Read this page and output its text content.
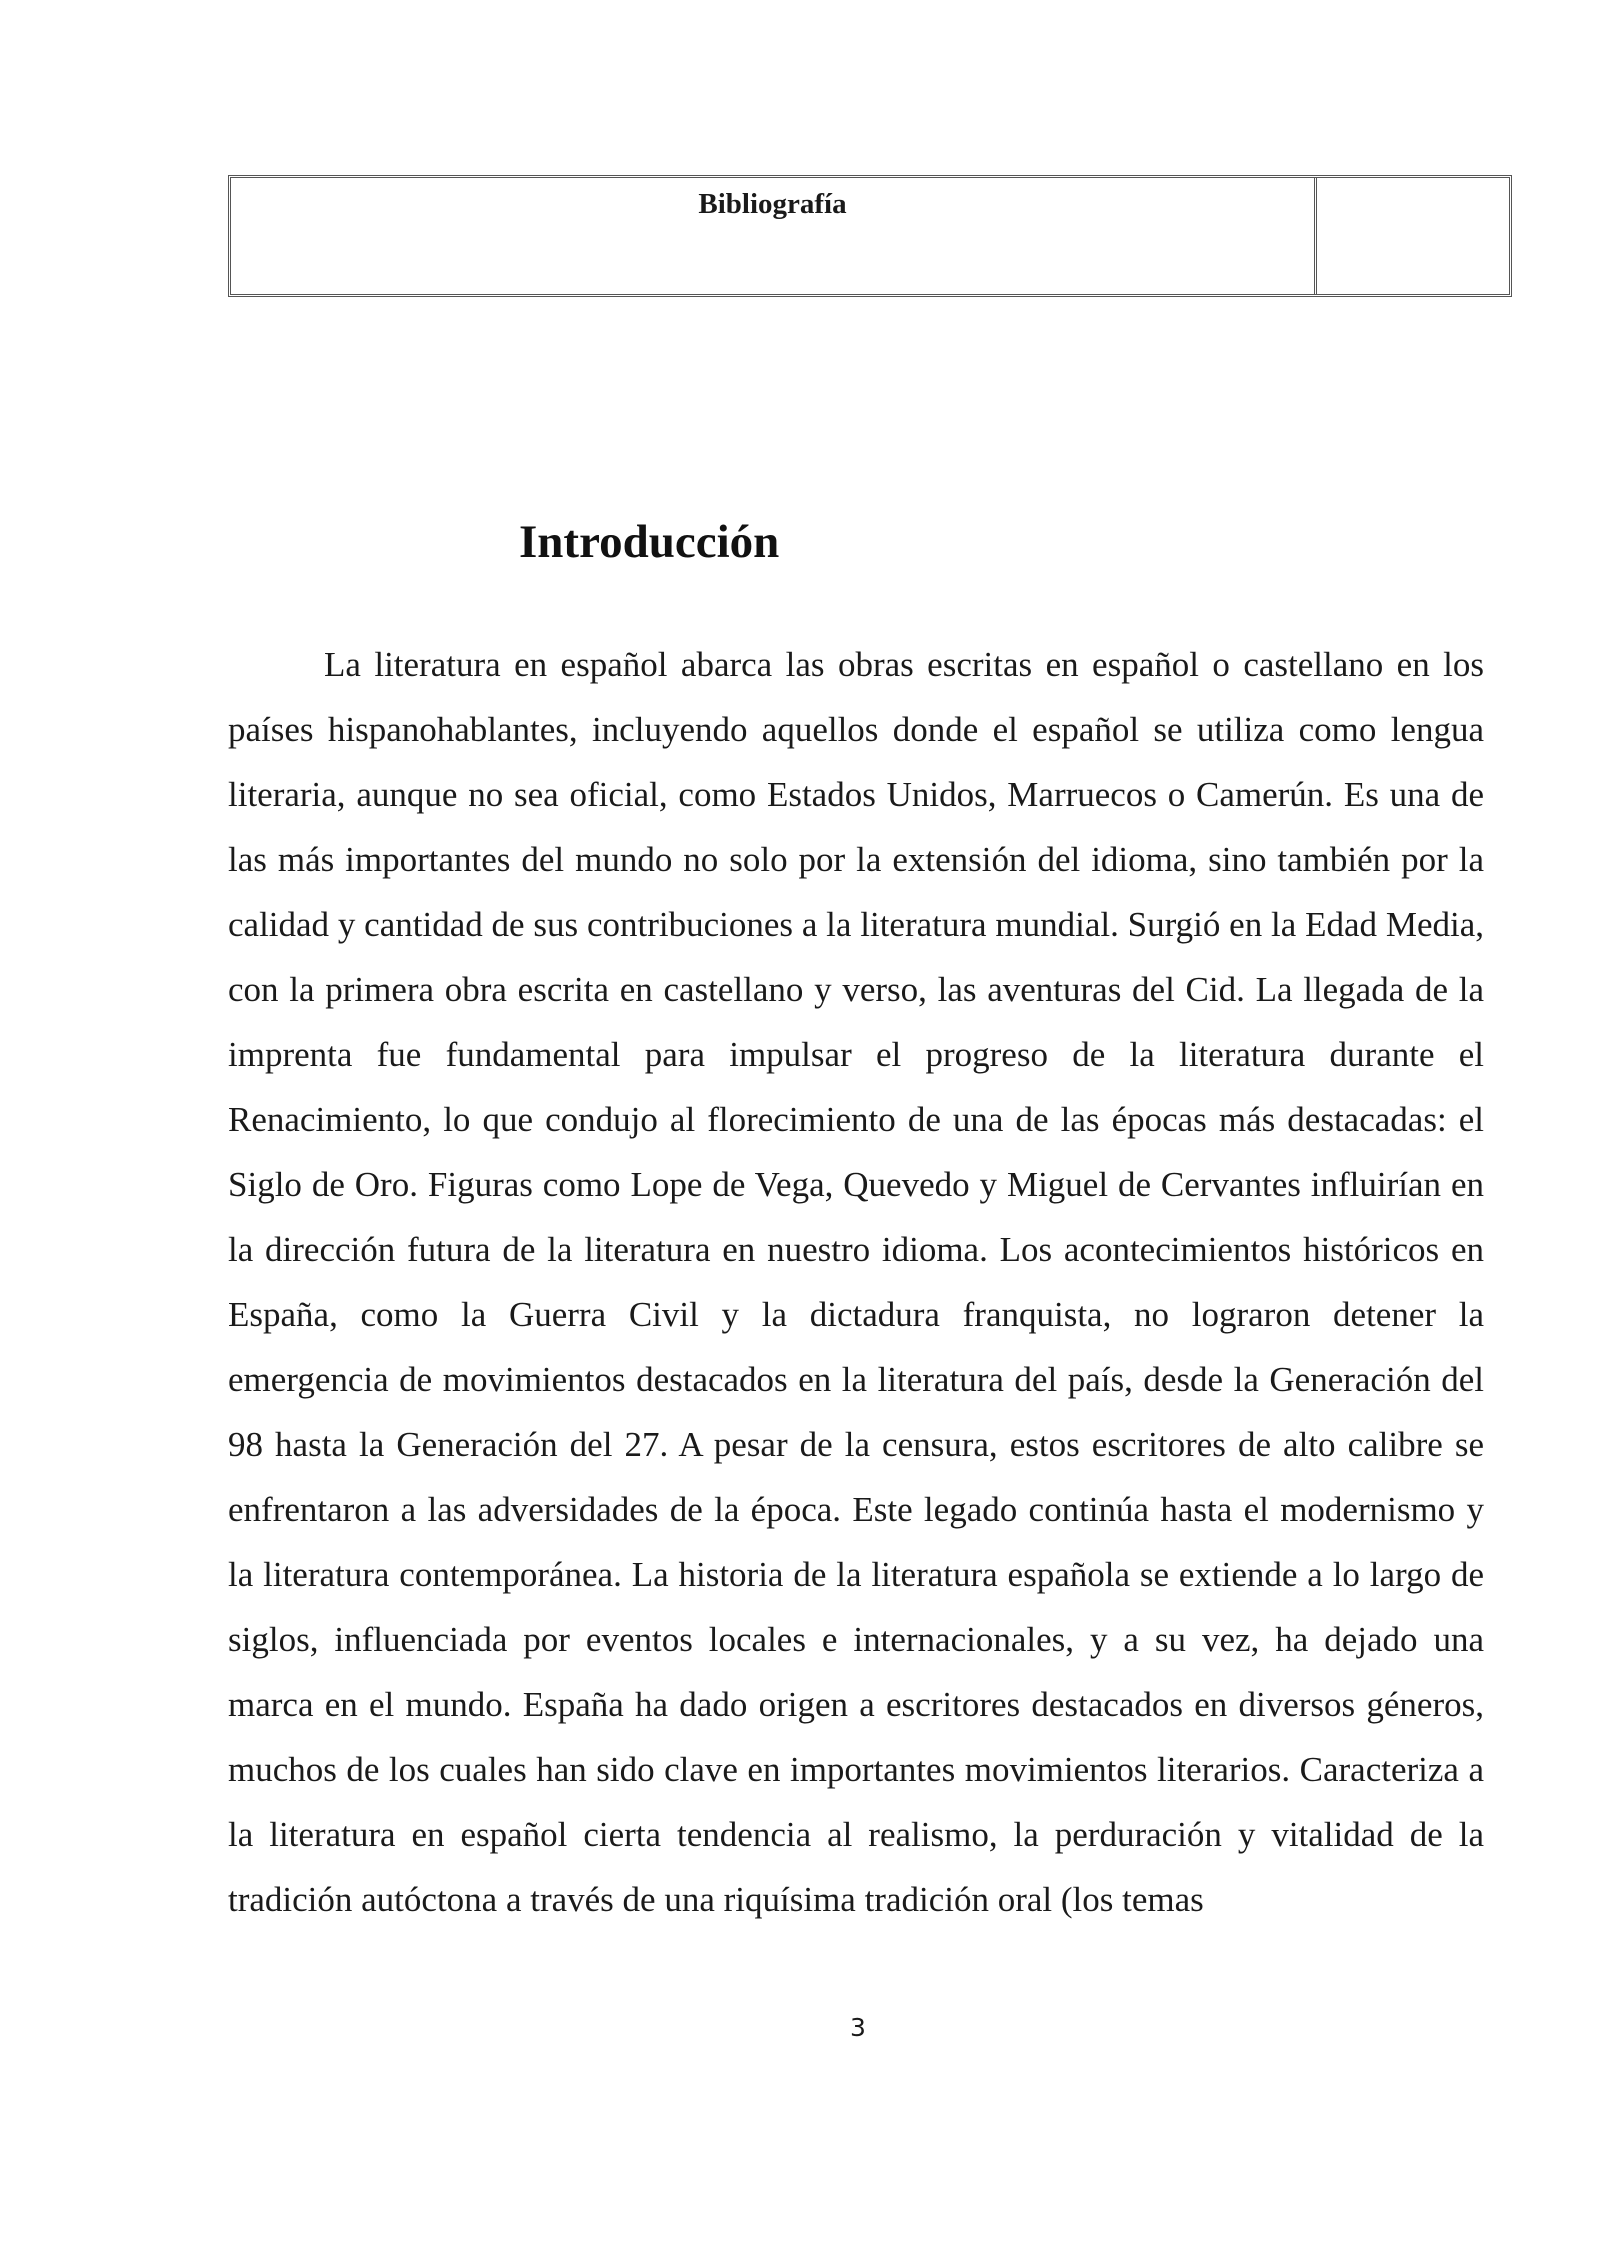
Bibliografía
Introducción

La literatura en español abarca las obras escritas en español o castellano en los países hispanohablantes, incluyendo aquellos donde el español se utiliza como lengua literaria, aunque no sea oficial, como Estados Unidos, Marruecos o Camerún. Es una de las más importantes del mundo no solo por la extensión del idioma, sino también por la calidad y cantidad de sus contribuciones a la literatura mundial. Surgió en la Edad Media, con la primera obra escrita en castellano y verso, las aventuras del Cid. La llegada de la imprenta fue fundamental para impulsar el progreso de la literatura durante el Renacimiento, lo que condujo al florecimiento de una de las épocas más destacadas: el Siglo de Oro. Figuras como Lope de Vega, Quevedo y Miguel de Cervantes influirían en la dirección futura de la literatura en nuestro idioma. Los acontecimientos históricos en España, como la Guerra Civil y la dictadura franquista, no lograron detener la emergencia de movimientos destacados en la literatura del país, desde la Generación del 98 hasta la Generación del 27. A pesar de la censura, estos escritores de alto calibre se enfrentaron a las adversidades de la época. Este legado continúa hasta el modernismo y la literatura contemporánea. La historia de la literatura española se extiende a lo largo de siglos, influenciada por eventos locales e internacionales, y a su vez, ha dejado una marca en el mundo. España ha dado origen a escritores destacados en diversos géneros, muchos de los cuales han sido clave en importantes movimientos literarios. Caracteriza a la literatura en español cierta tendencia al realismo, la perduración y vitalidad de la tradición autóctona a través de una riquísima tradición oral (los temas

3
